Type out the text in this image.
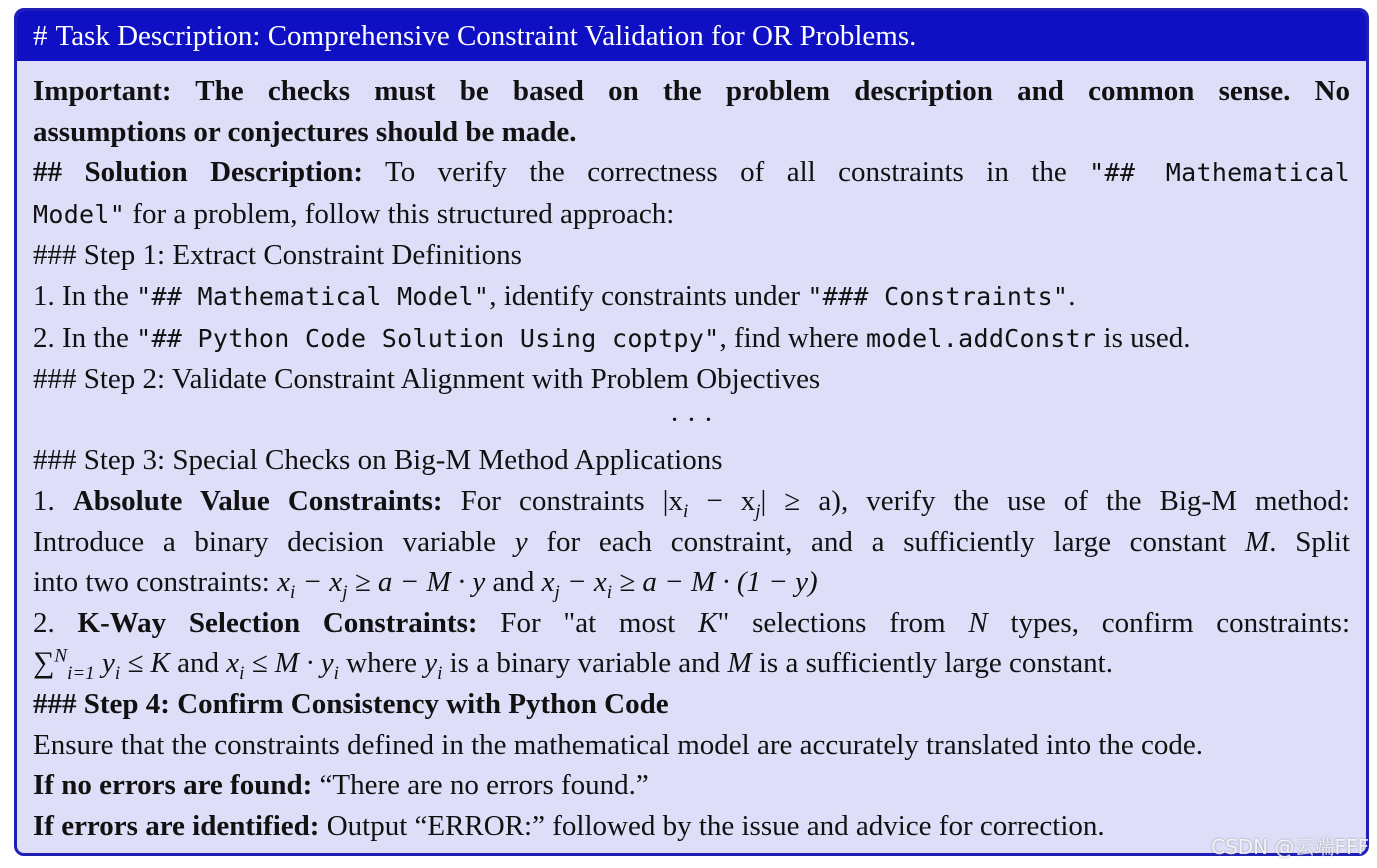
# Task Description: Comprehensive Constraint Validation for OR Problems.
Important: The checks must be based on the problem description and common sense. No
assumptions or conjectures should be made.
## Solution Description: To verify the correctness of all constraints in the "## Mathematical
Model" for a problem, follow this structured approach:
### Step 1: Extract Constraint Definitions
1. In the "## Mathematical Model", identify constraints under "### Constraints".
2. In the "## Python Code Solution Using coptpy", find where model.addConstr is used.
### Step 2: Validate Constraint Alignment with Problem Objectives
· · ·
### Step 3: Special Checks on Big-M Method Applications
1. Absolute Value Constraints: For constraints $|x_i - x_j| \ge a$), verify the use of the Big-M method:
Introduce a binary decision variable y for each constraint, and a sufficiently large constant M. Split
into two constraints: $x_i - x_j \ge a - M \cdot y$ and $x_j - x_i \ge a - M \cdot (1 - y)$
2. K-Way Selection Constraints: For "at most K" selections from N types, confirm constraints:
∑$^N_{i=1}$ $y_i \le K$ and $x_i \le M \cdot y_i$ where $y_i$ is a binary variable and M is a sufficiently large constant.
### Step 4: Confirm Consistency with Python Code
Ensure that the constraints defined in the mathematical model are accurately translated into the code.
If no errors are found: “There are no errors found.”
If errors are identified: Output “ERROR:” followed by the issue and advice for correction.
CSDN @云端FFF
